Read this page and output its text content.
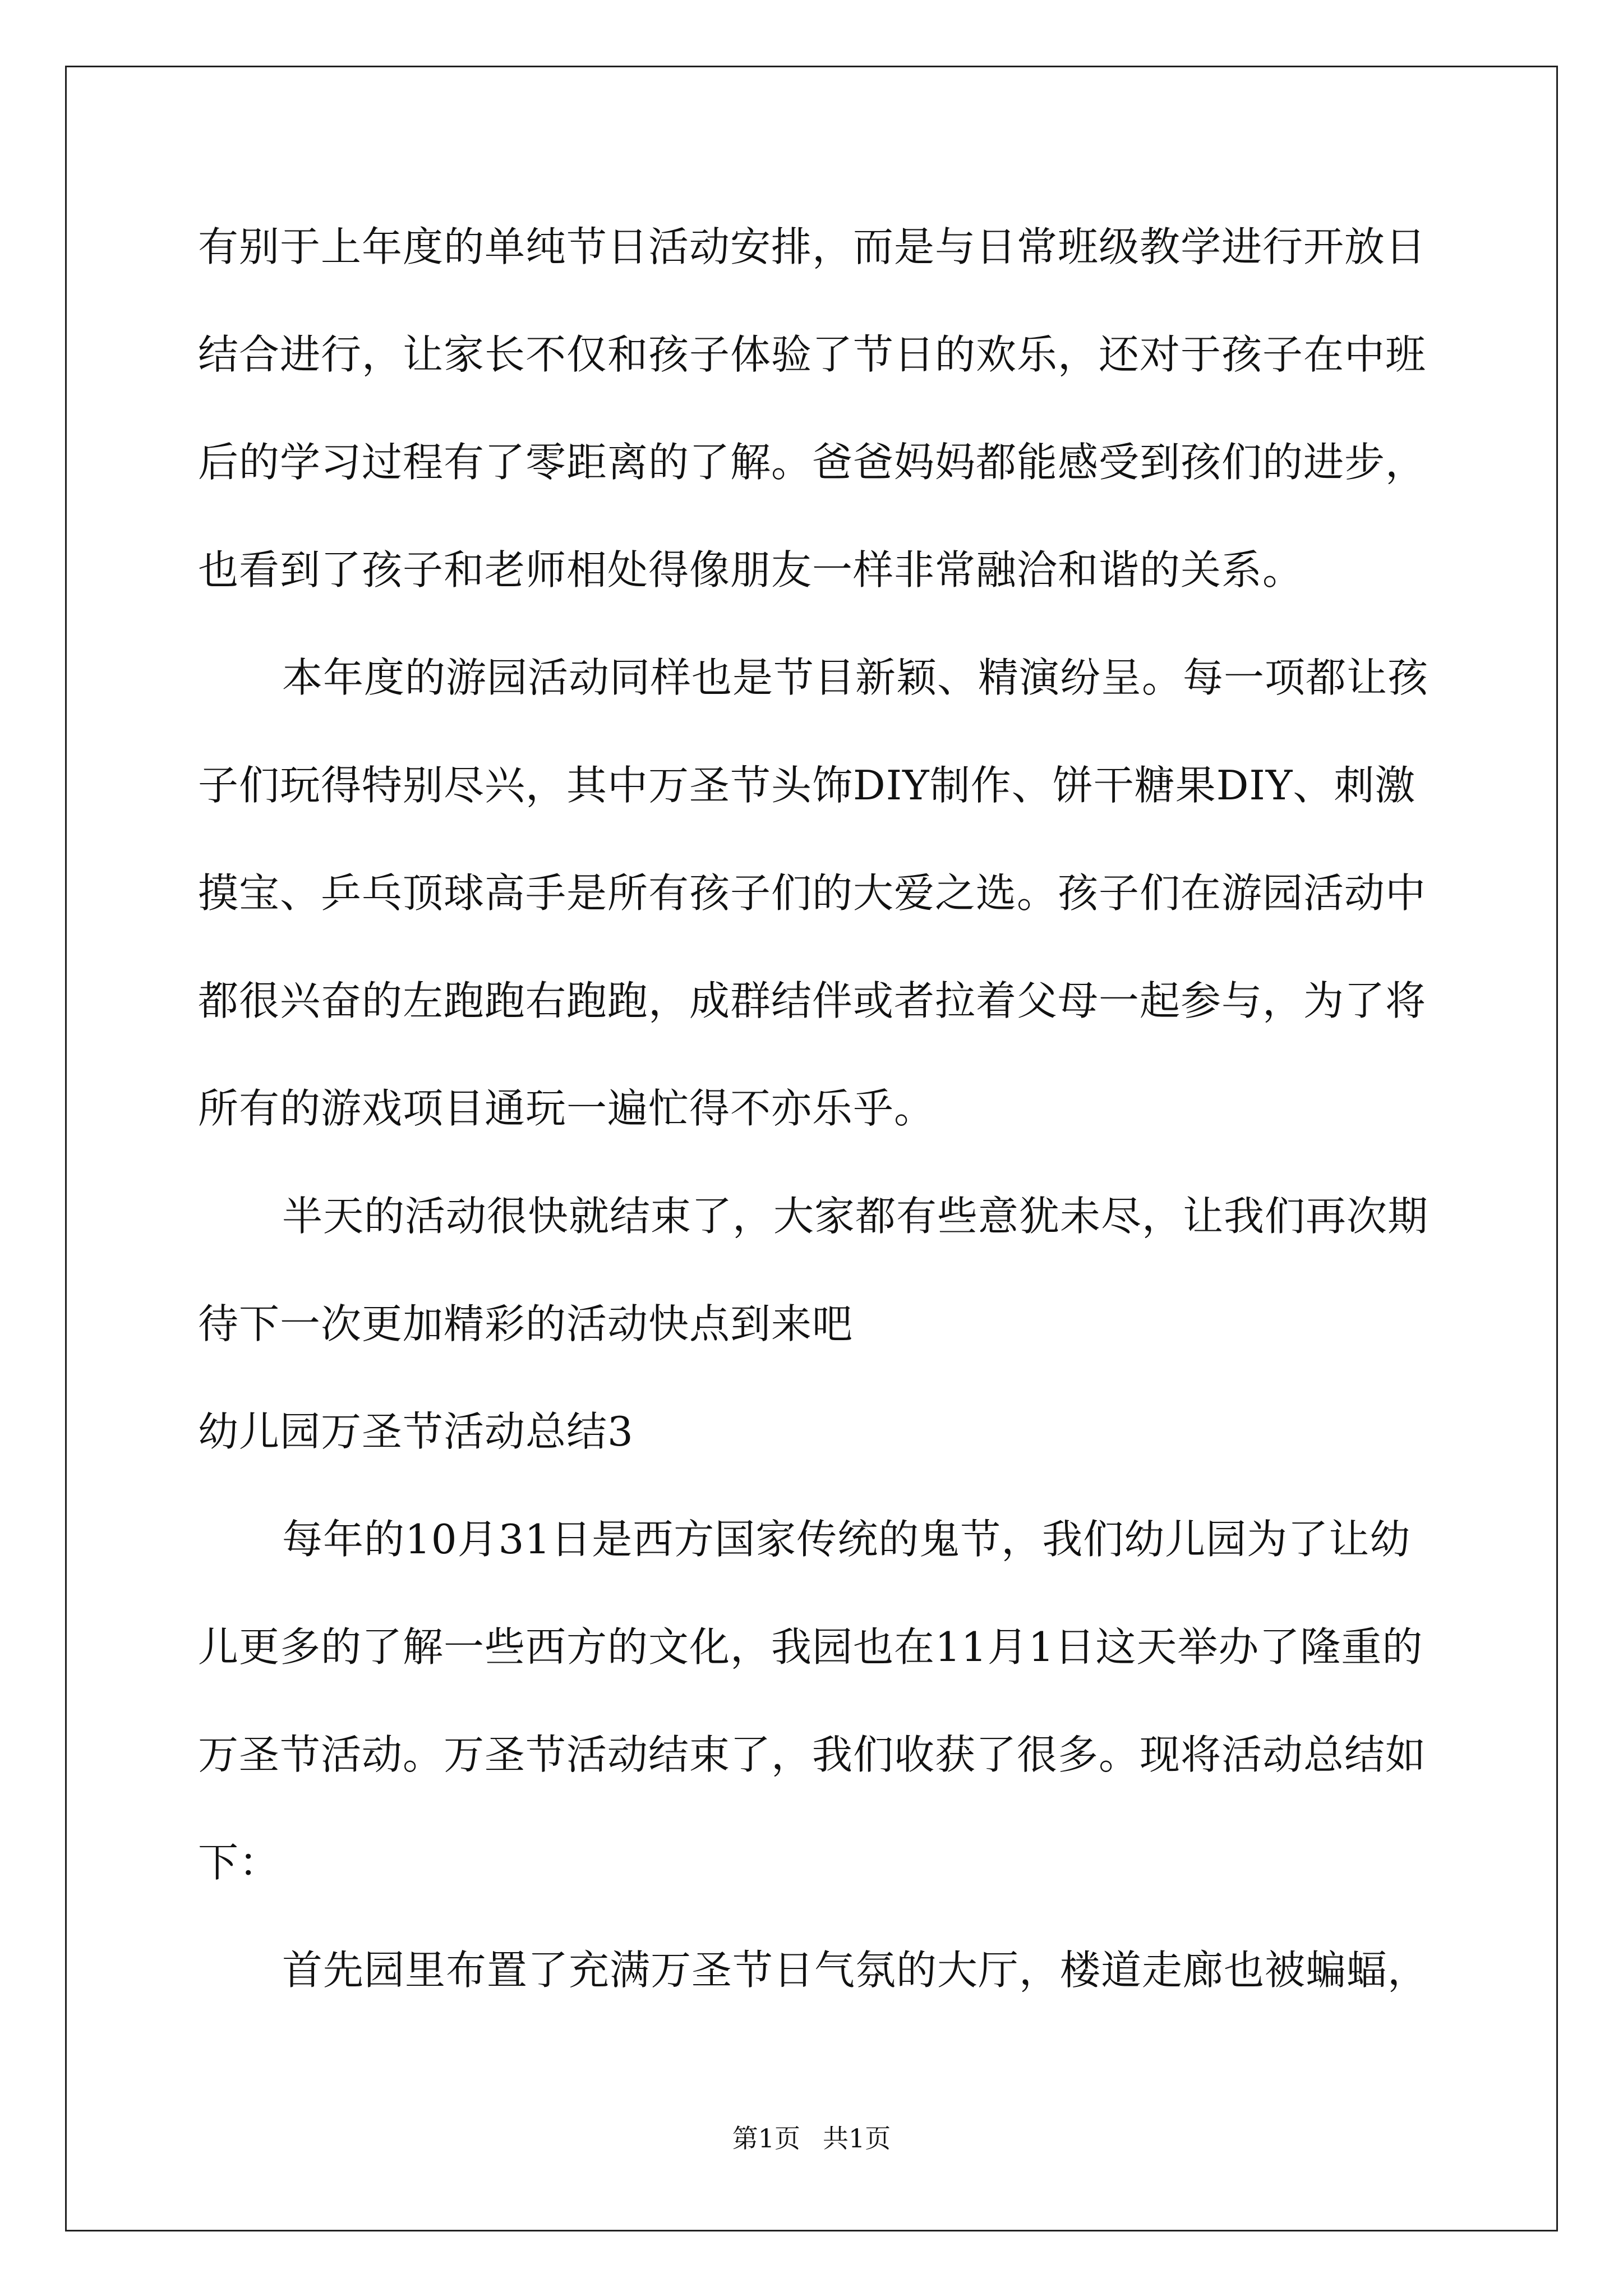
有别于上年度的单纯节日活动安排，而是与日常班级教学进行开放日
结合进行，让家长不仅和孩子体验了节日的欢乐，还对于孩子在中班
后的学习过程有了零距离的了解。爸爸妈妈都能感受到孩们的进步，
也看到了孩子和老师相处得像朋友一样非常融洽和谐的关系。
本年度的游园活动同样也是节目新颖、精演纷呈。每一项都让孩
子们玩得特别尽兴，其中万圣节头饰DIY制作、饼干糖果DIY、刺激
摸宝、乒乓顶球高手是所有孩子们的大爱之选。孩子们在游园活动中
都很兴奋的左跑跑右跑跑，成群结伴或者拉着父母一起参与，为了将
所有的游戏项目通玩一遍忙得不亦乐乎。
半天的活动很快就结束了，大家都有些意犹未尽，让我们再次期
待下一次更加精彩的活动快点到来吧
幼儿园万圣节活动总结3
每年的10月31日是西方国家传统的鬼节，我们幼儿园为了让幼
儿更多的了解一些西方的文化，我园也在11月1日这天举办了隆重的
万圣节活动。万圣节活动结束了，我们收获了很多。现将活动总结如
下：
首先园里布置了充满万圣节日气氛的大厅，楼道走廊也被蝙蝠，
第1页 共1页
